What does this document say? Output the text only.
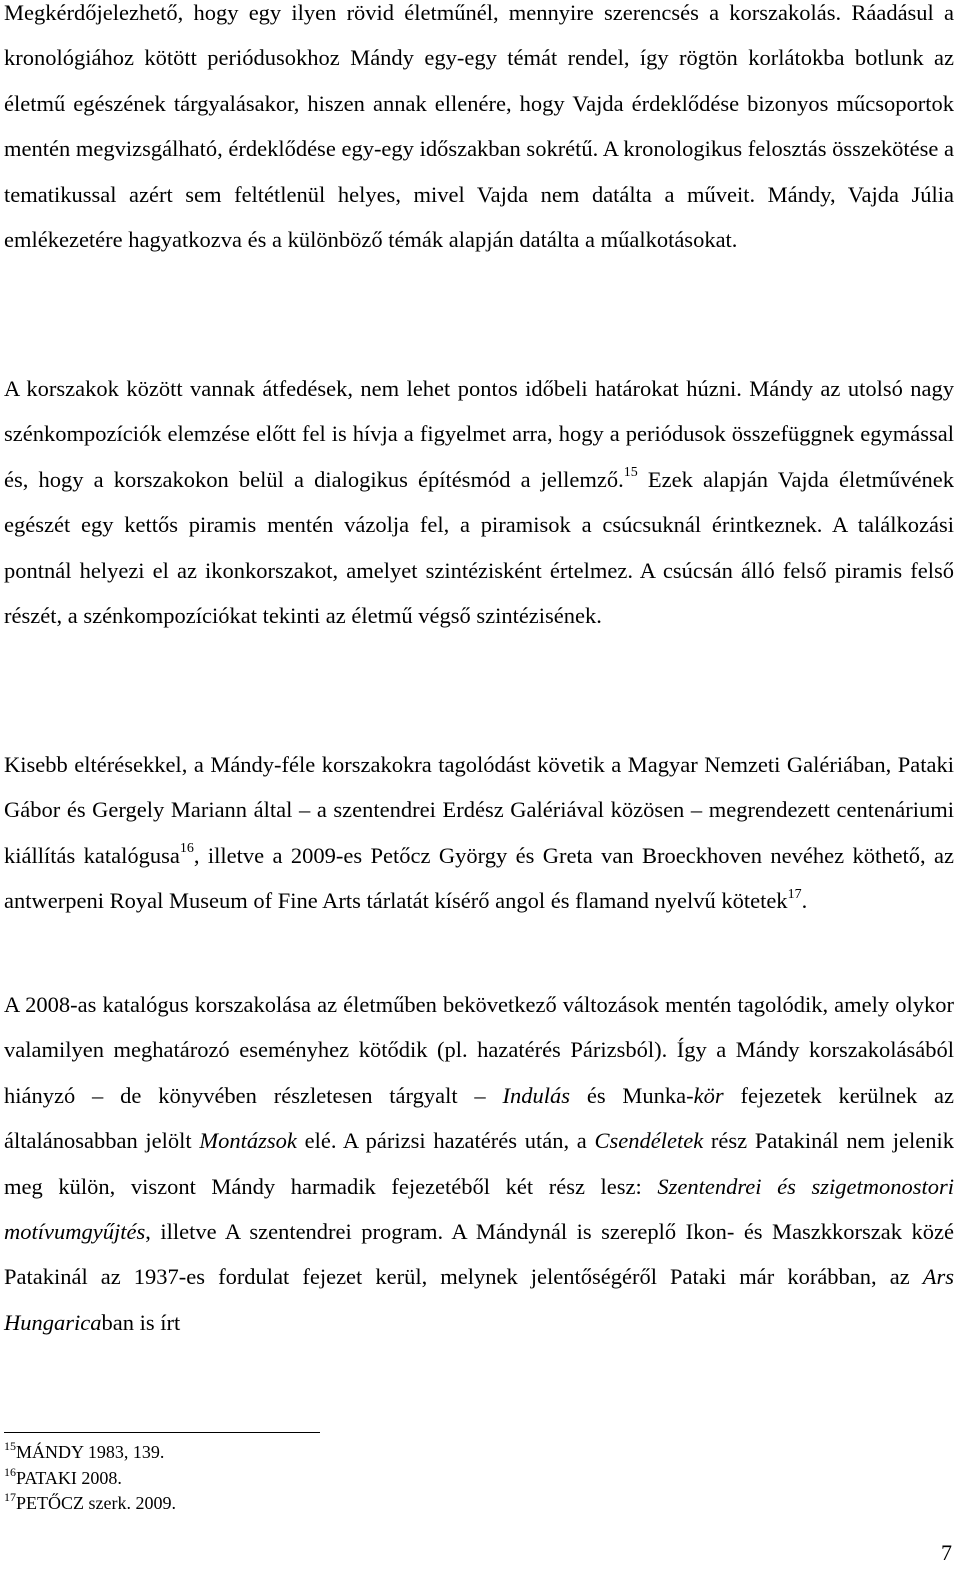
Megkérdőjelezhető, hogy egy ilyen rövid életműnél, mennyire szerencsés a korszakolás. Ráadásul a kronológiához kötött periódusokhoz Mándy egy-egy témát rendel, így rögtön korlátokba botlunk az életmű egészének tárgyalásakor, hiszen annak ellenére, hogy Vajda érdeklődése bizonyos műcsoportok mentén megvizsgálható, érdeklődése egy-egy időszakban sokrétű. A kronologikus felosztás összekötése a tematikussal azért sem feltétlenül helyes, mivel Vajda nem datálta a műveit. Mándy, Vajda Júlia emlékezetére hagyatkozva és a különböző témák alapján datálta a műalkotásokat.

A korszakok között vannak átfedések, nem lehet pontos időbeli határokat húzni. Mándy az utolsó nagy szénkompozíciók elemzése előtt fel is hívja a figyelmet arra, hogy a periódusok összefüggnek egymással és, hogy a korszakokon belül a dialogikus építésmód a jellemző.$^{15}$ Ezek alapján Vajda életművének egészét egy kettős piramis mentén vázolja fel, a piramisok a csúcsuknál érintkeznek. A találkozási pontnál helyezi el az ikonkorszakot, amelyet szintézisként értelmez. A csúcsán álló felső piramis felső részét, a szénkompozíciókat tekinti az életmű végső szintézisének.

Kisebb eltérésekkel, a Mándy-féle korszakokra tagolódást követik a Magyar Nemzeti Galériában, Pataki Gábor és Gergely Mariann által – a szentendrei Erdész Galériával közösen – megrendezett centenáriumi kiállítás katalógusa$^{16}$, illetve a 2009-es Petőcz György és Greta van Broeckhoven nevéhez köthető, az antwerpeni Royal Museum of Fine Arts tárlatát kísérő angol és flamand nyelvű kötetek$^{17}$.

A 2008-as katalógus korszakolása az életműben bekövetkező változások mentén tagolódik, amely olykor valamilyen meghatározó eseményhez kötődik (pl. hazatérés Párizsból). Így a Mándy korszakolásából hiányzó – de könyvében részletesen tárgyalt – Indulás és Munka-kör fejezetek kerülnek az általánosabban jelölt Montázsok elé. A párizsi hazatérés után, a Csendéletek rész Patakinál nem jelenik meg külön, viszont Mándy harmadik fejezetéből két rész lesz: Szentendrei és szigetmonostori motívumgyűjtés, illetve A szentendrei program. A Mándynál is szereplő Ikon- és Maszkkorszak közé Patakinál az 1937-es fordulat fejezet kerül, melynek jelentőségéről Pataki már korábban, az Ars Hungaricaban is írt

$^{15}$MÁNDY 1983, 139.
$^{16}$PATAKI 2008.
$^{17}$PETŐCZ szerk. 2009.
7
